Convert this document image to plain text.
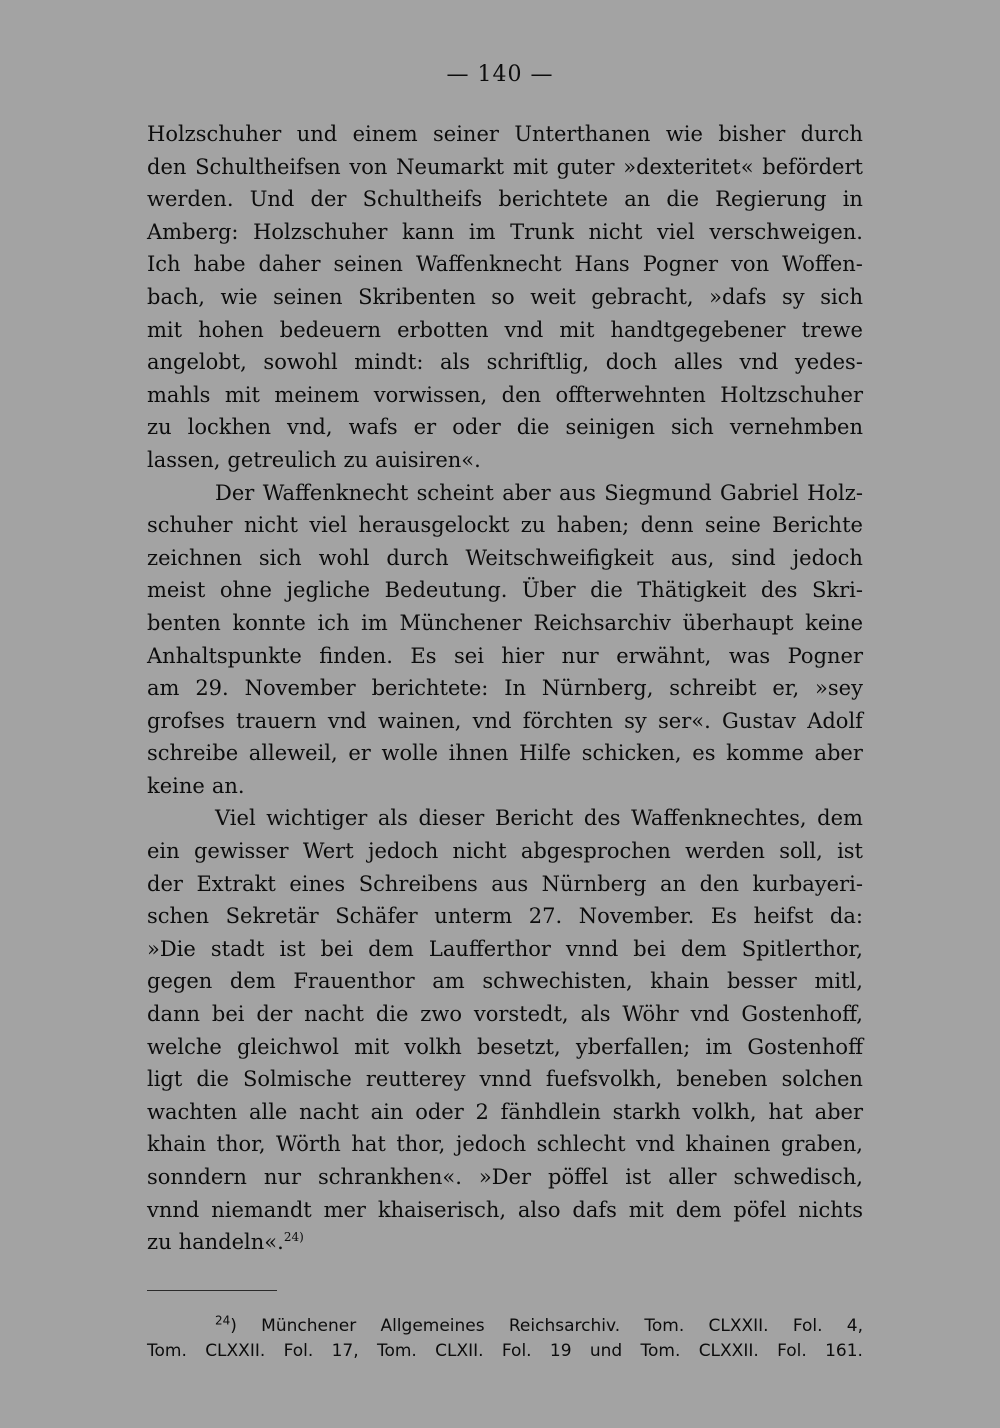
— 140 —
Holzschuher und einem seiner Unterthanen wie bisher durch
den Schultheifsen von Neumarkt mit guter »dexteritet« befördert
werden. Und der Schultheifs berichtete an die Regierung in
Amberg: Holzschuher kann im Trunk nicht viel verschweigen.
Ich habe daher seinen Waffenknecht Hans Pogner von Woffen-
bach, wie seinen Skribenten so weit gebracht, »dafs sy sich
mit hohen bedeuern erbotten vnd mit handtgegebener trewe
angelobt, sowohl mindt: als schriftlig, doch alles vnd yedes-
mahls mit meinem vorwissen, den offterwehnten Holtzschuher
zu lockhen vnd, wafs er oder die seinigen sich vernehmben
lassen, getreulich zu auisiren«.
Der Waffenknecht scheint aber aus Siegmund Gabriel Holz-
schuher nicht viel herausgelockt zu haben; denn seine Berichte
zeichnen sich wohl durch Weitschweifigkeit aus, sind jedoch
meist ohne jegliche Bedeutung. Über die Thätigkeit des Skri-
benten konnte ich im Münchener Reichsarchiv überhaupt keine
Anhaltspunkte finden. Es sei hier nur erwähnt, was Pogner
am 29. November berichtete: In Nürnberg, schreibt er, »sey
grofses trauern vnd wainen, vnd förchten sy ser«. Gustav Adolf
schreibe alleweil, er wolle ihnen Hilfe schicken, es komme aber
keine an.
Viel wichtiger als dieser Bericht des Waffenknechtes, dem
ein gewisser Wert jedoch nicht abgesprochen werden soll, ist
der Extrakt eines Schreibens aus Nürnberg an den kurbayeri-
schen Sekretär Schäfer unterm 27. November. Es heifst da:
»Die stadt ist bei dem Laufferthor vnnd bei dem Spitlerthor,
gegen dem Frauenthor am schwechisten, khain besser mitl,
dann bei der nacht die zwo vorstedt, als Wöhr vnd Gostenhoff,
welche gleichwol mit volkh besetzt, yberfallen; im Gostenhoff
ligt die Solmische reutterey vnnd fuefsvolkh, beneben solchen
wachten alle nacht ain oder 2 fänhdlein starkh volkh, hat aber
khain thor, Wörth hat thor, jedoch schlecht vnd khainen graben,
sonndern nur schrankhen«. »Der pöffel ist aller schwedisch,
vnnd niemandt mer khaiserisch, also dafs mit dem pöfel nichts
zu handeln«.$^{24)}$
$^{24}$) Münchener Allgemeines Reichsarchiv. Tom. CLXXII. Fol. 4,
Tom. CLXXII. Fol. 17, Tom. CLXII. Fol. 19 und Tom. CLXXII. Fol. 161.
